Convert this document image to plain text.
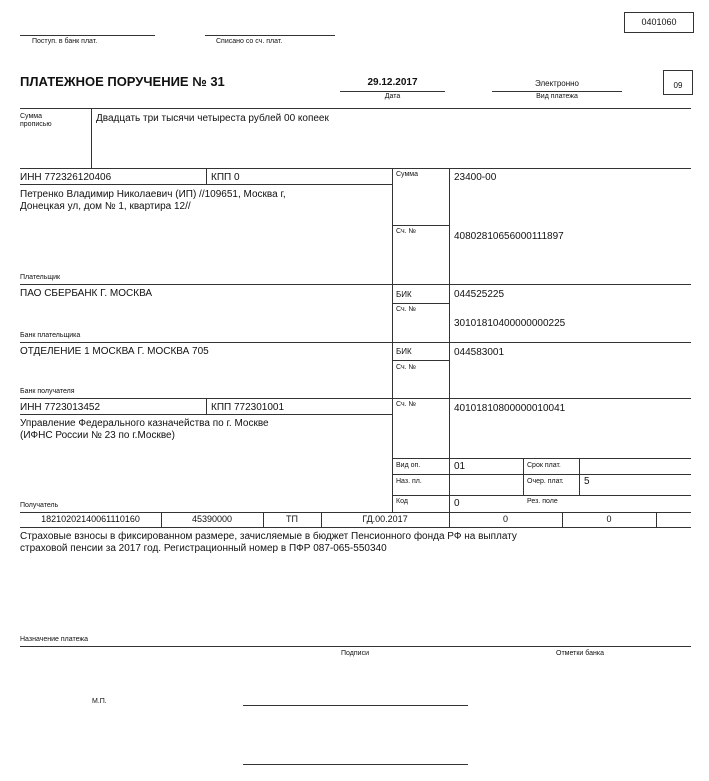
0401060
Поступ. в банк плат.	Списано со сч. плат.
ПЛАТЕЖНОЕ ПОРУЧЕНИЕ № 31	29.12.2017
Дата
Электронно
Вид платежа
09
Сумма
прописью
Двадцать три тысячи четыреста рублей 00 копеек
ИНН 772326120406	КПП 0	Сумма	23400-00
Петренко Владимир Николаевич (ИП) //109651, Москва г,
Донецкая ул, дом № 1, квартира 12//
Сч. №	40802810656000111897
Плательщик
ПАО СБЕРБАНК Г. МОСКВА	БИК	044525225
Сч. №
30101810400000000225
Банк плательщика
ОТДЕЛЕНИЕ 1 МОСКВА Г. МОСКВА 705	БИК	044583001
Сч. №
Банк получателя
ИНН 7723013452	КПП 772301001	Сч. №	40101810800000010041
Управление Федерального казначейства по г. Москве
(ИФНС России № 23 по г.Москве)
Получатель
Вид оп.	01	Срок плат.
Наз. пл.	Очер. плат. 5
Код	0	Рез. поле
18210202140061110160	45390000	ТП	ГД.00.2017	0	0
Страховые взносы в фиксированном размере, зачисляемые в бюджет Пенсионного фонда РФ на выплату
страховой пенсии за 2017 год. Регистрационный номер в ПФР 087-065-550340
Назначение платежа
Подписи	Отметки банка
М.П.
